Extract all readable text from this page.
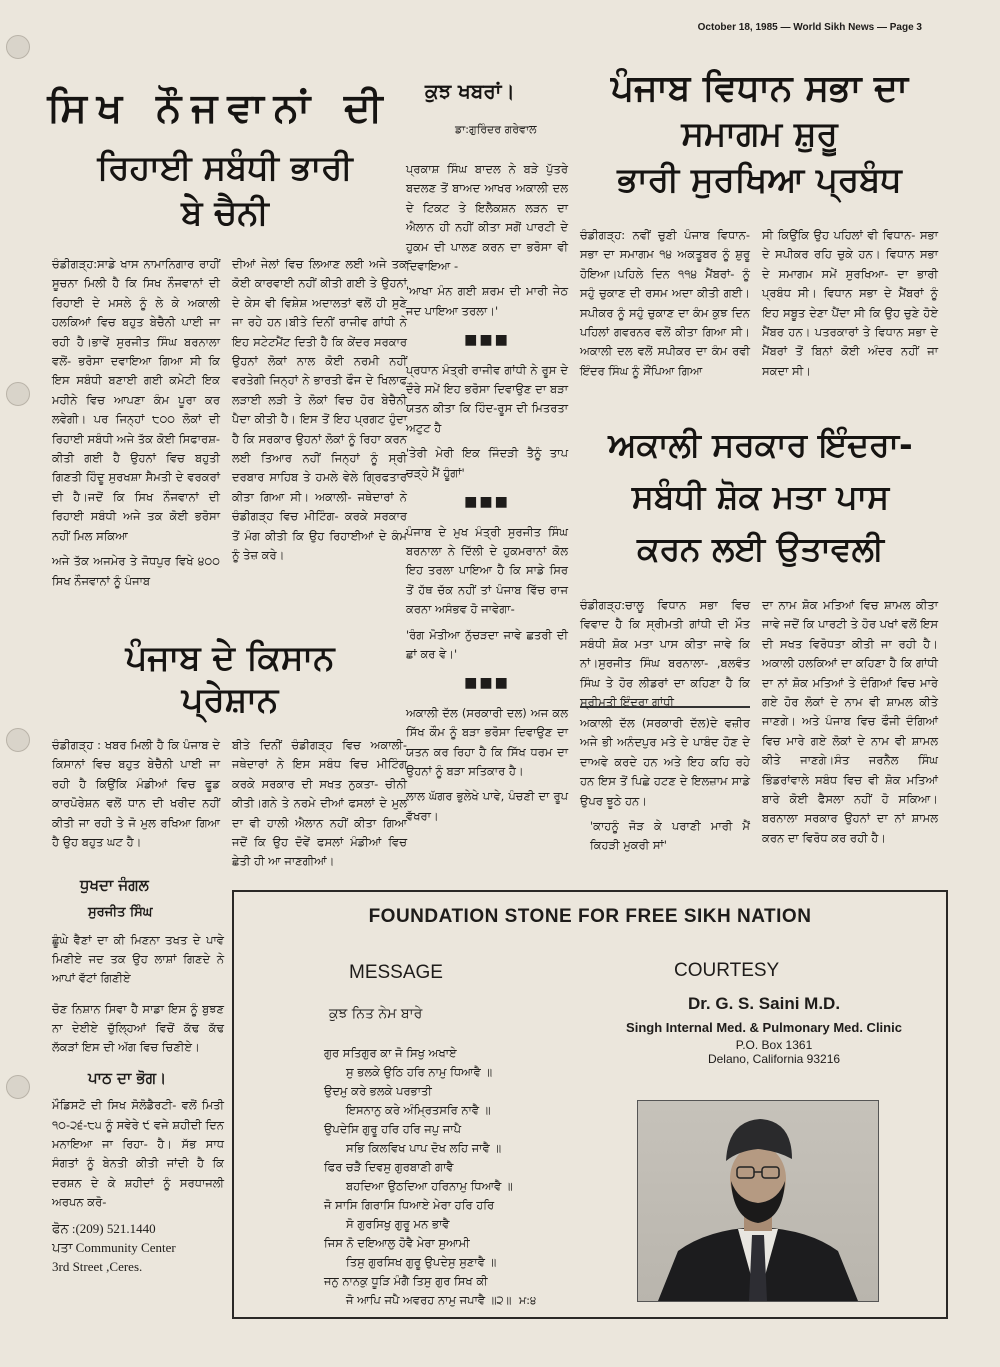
October 18, 1985 — World Sikh News — Page 3
ਸਿਖ ਨੌਜਵਾਨਾਂ ਦੀ
ਰਿਹਾਈ ਸਬੰਧੀ ਭਾਰੀ
ਬੇ ਚੈਨੀ

ਚੰਡੀਗੜ੍ਹ:ਸਾਡੇ ਖਾਸ ਨਾਮਾਨਿਗਾਰ ਰਾਹੀਂ ਸੂਚਨਾ ਮਿਲੀ ਹੈ ਕਿ ਸਿਖ ਨੌਜਵਾਨਾਂ ਦੀ ਰਿਹਾਈ ਦੇ ਮਸਲੇ ਨੂੰ ਲੇ ਕੇ ਅਕਾਲੀ ਹਲਕਿਆਂ ਵਿਚ ਬਹੁਤ ਬੇਚੈਨੀ ਪਾਈ ਜਾ ਰਹੀ ਹੈ।ਭਾਵੇਂ ਸੁਰਜੀਤ ਸਿੰਘ ਬਰਨਾਲਾ ਵਲੋਂ- ਭਰੋਸਾ ਦਵਾਇਆ ਗਿਆ ਸੀ ਕਿ ਇਸ ਸਬੰਧੀ ਬਣਾਈ ਗਈ ਕਮੇਟੀ ਇਕ ਮਹੀਨੇ ਵਿਚ ਆਪਣਾ ਕੰਮ ਪੂਰਾ ਕਰ ਲਵੇਗੀ। ਪਰ ਜਿਨ੍ਹਾਂ ੮੦੦ ਲੋਕਾਂ ਦੀ ਰਿਹਾਈ ਸਬੰਧੀ ਅਜੇ ਤੱਕ ਕੋਈ ਸਿਫਾਰਸ਼- ਕੀਤੀ ਗਈ ਹੈ ਉਹਨਾਂ ਵਿਚ ਬਹੁਤੀ ਗਿਣਤੀ ਹਿੰਦੂ ਸੁਰਖਸ਼ਾ ਸੈਮਤੀ ਦੇ ਵਰਕਰਾਂ ਦੀ ਹੈ।ਜਦੋਂ ਕਿ ਸਿਖ ਨੌਜਵਾਨਾਂ ਦੀ ਰਿਹਾਈ ਸਬੰਧੀ ਅਜੇ ਤਕ ਕੋਈ ਭਰੋਸਾ ਨਹੀਂ ਮਿਲ ਸਕਿਆ

ਅਜੇ ਤੱਕ ਅਜਮੇਰ ਤੇ ਜੋਧਪੁਰ ਵਿਖੇ ੪੦੦ ਸਿਖ ਨੌਜਵਾਨਾਂ ਨੂੰ ਪੰਜਾਬ

ਦੀਆਂ ਜੇਲਾਂ ਵਿਚ ਲਿਆਣ ਲਈ ਅਜੇ ਤਕ ਕੋਈ ਕਾਰਵਾਈ ਨਹੀਂ ਕੀਤੀ ਗਈ ਤੇ ਉਹਨਾਂ ਦੇ ਕੇਸ ਵੀ ਵਿਸ਼ੇਸ਼ ਅਦਾਲਤਾਂ ਵਲੋਂ ਹੀ ਸੁਣੇ ਜਾ ਰਹੇ ਹਨ।ਬੀਤੇ ਦਿਨੀਂ ਰਾਜੀਵ ਗਾਂਧੀ ਨੇ ਇਹ ਸਟੇਟਮੈਂਟ ਦਿਤੀ ਹੈ ਕਿ ਕੇਂਦਰ ਸਰਕਾਰ ਉਹਨਾਂ ਲੋਕਾਂ ਨਾਲ ਕੋਈ ਨਰਮੀ ਨਹੀਂ ਵਰਤੇਗੀ ਜਿਨ੍ਹਾਂ ਨੇ ਭਾਰਤੀ ਫੌਜ ਦੇ ਖਿਲਾਫ ਲੜਾਈ ਲੜੀ ਤੇ ਲੋਕਾਂ ਵਿਚ ਹੋਰ ਬੇਚੈਨੀ ਪੈਦਾ ਕੀਤੀ ਹੈ। ਇਸ ਤੋਂ ਇਹ ਪ੍ਰਗਟ ਹੁੰਦਾ ਹੈ ਕਿ ਸਰਕਾਰ ਉਹਨਾਂ ਲੋਕਾਂ ਨੂੰ ਰਿਹਾ ਕਰਨ ਲਈ ਤਿਆਰ ਨਹੀਂ ਜਿਨ੍ਹਾਂ ਨੂੰ ਸ੍ਰੀ ਦਰਬਾਰ ਸਾਹਿਬ ਤੇ ਹਮਲੇ ਵੇਲੇ ਗ੍ਰਿਫਤਾਰ ਕੀਤਾ ਗਿਆ ਸੀ। ਅਕਾਲੀ- ਜਥੇਦਾਰਾਂ ਨੇ ਚੰਡੀਗੜ੍ਹ ਵਿਚ ਮੀਟਿੰਗ- ਕਰਕੇ ਸਰਕਾਰ ਤੋਂ ਮੰਗ ਕੀਤੀ ਕਿ ਉਹ ਰਿਹਾਈਆਂ ਦੇ ਕੰਮ ਨੂੰ ਤੇਜ਼ ਕਰੇ।

ਪੰਜਾਬ ਦੇ ਕਿਸਾਨ
ਪ੍ਰੇਸ਼ਾਨ
ਚੰਡੀਗੜ੍ਹ : ਖਬਰ ਮਿਲੀ ਹੈ ਕਿ ਪੰਜਾਬ ਦੇ ਕਿਸਾਨਾਂ ਵਿਚ ਬਹੁਤ ਬੇਚੈਨੀ ਪਾਈ ਜਾ ਰਹੀ ਹੈ ਕਿਉਂਕਿ ਮੰਡੀਆਂ ਵਿਚ ਫੂਡ ਕਾਰਪੋਰੇਸ਼ਨ ਵਲੋਂ ਧਾਨ ਦੀ ਖਰੀਦ ਨਹੀਂ ਕੀਤੀ ਜਾ ਰਹੀ ਤੇ ਜੋ ਮੁਲ ਰਖਿਆ ਗਿਆ ਹੈ ਉਹ ਬਹੁਤ ਘਟ ਹੈ।
ਬੀਤੇ ਦਿਨੀਂ ਚੰਡੀਗੜ੍ਹ ਵਿਚ ਅਕਾਲੀ- ਜਥੇਦਾਰਾਂ ਨੇ ਇਸ ਸਬੰਧ ਵਿਚ ਮੀਟਿੰਗ ਕਰਕੇ ਸਰਕਾਰ ਦੀ ਸਖਤ ਨੁਕਤਾ- ਚੀਨੀ ਕੀਤੀ।ਗਨੇ ਤੇ ਨਰਮੇ ਦੀਆਂ ਫਸਲਾਂ ਦੇ ਮੁਲ ਦਾ ਵੀ ਹਾਲੀ ਐਲਾਨ ਨਹੀਂ ਕੀਤਾ ਗਿਆ ਜਦੋਂ ਕਿ ਉਹ ਦੋਵੇਂ ਫਸਲਾਂ ਮੰਡੀਆਂ ਵਿਚ ਛੇਤੀ ਹੀ ਆ ਜਾਣਗੀਆਂ।
ਧੁਖਦਾ ਜੰਗਲ
ਸੁਰਜੀਤ ਸਿੰਘ

ਛੂੰਘੇ ਵੈਣਾਂ ਦਾ ਕੀ ਮਿਣਨਾ ਤਖਤ ਦੇ ਪਾਵੇ ਮਿਣੀਏ ਜਦ ਤਕ ਉਹ ਲਾਸ਼ਾਂ ਗਿਣਦੇ ਨੇ ਆਪਾਂ ਵੱਟਾਂ ਗਿਣੀਏ

ਚੋਣ ਨਿਸ਼ਾਨ ਸਿਵਾ ਹੈ ਸਾਡਾ ਇਸ ਨੂੰ ਬੁਝਣ ਨਾ ਦੇਈਏ ਚੁੱਲ੍ਹਿਆਂ ਵਿਚੋਂ ਕੱਢ ਕੱਢ ਲੱਕੜਾਂ ਇਸ ਦੀ ਅੱਗ ਵਿਚ ਚਿਣੀਏ।

ਪਾਠ ਦਾ ਭੋਗ।
ਮੌਡਿਸਟੋ ਦੀ ਸਿਖ ਸੋਲੋਡੈਰਟੀ- ਵਲੋਂ ਮਿਤੀ ੧੦-੨੬-੮੫ ਨੂੰ ਸਵੇਰੇ ੯ ਵਜੇ ਸ਼ਹੀਦੀ ਦਿਨ ਮਨਾਇਆ ਜਾ ਰਿਹਾ- ਹੈ। ਸੱਭ ਸਾਧ ਸੰਗਤਾਂ ਨੂੰ ਬੇਨਤੀ ਕੀਤੀ ਜਾਂਦੀ ਹੈ ਕਿ ਦਰਸ਼ਨ ਦੇ ਕੇ ਸ਼ਹੀਦਾਂ ਨੂੰ ਸਰਧਾਜਲੀ ਅਰਪਨ ਕਰੋ-
ਫੋਨ :(209) 521.1440
ਪਤਾ Community Center
3rd Street ,Ceres.
ਕੁਝ ਖਬਰਾਂ।
ਡਾ:ਗੁਰਿੰਦਰ ਗਰੇਵਾਲ

ਪ੍ਰਕਾਸ਼ ਸਿੰਘ ਬਾਦਲ ਨੇ ਬੜੇ ਪੁੱਤਰੇ ਬਦਲਣ ਤੋਂ ਬਾਅਦ ਆਖਰ ਅਕਾਲੀ ਦਲ ਦੇ ਟਿਕਟ ਤੇ ਇਲੈਕਸ਼ਨ ਲੜਨ ਦਾ ਐਲਾਨ ਹੀ ਨਹੀਂ ਕੀਤਾ ਸਗੋਂ ਪਾਰਟੀ ਦੇ ਹੁਕਮ ਦੀ ਪਾਲਣ ਕਰਨ ਦਾ ਭਰੋਸਾ ਵੀ ਦਿਵਾਇਆ -

'ਆਖਾ ਮੰਨ ਗਈ ਸ਼ਰਮ ਦੀ ਮਾਰੀ ਜੇਠ ਜਦ ਪਾਇਆ ਤਰਲਾ।'
■■■

ਪ੍ਰਧਾਨ ਮੰਤ੍ਰੀ ਰਾਜੀਵ ਗਾਂਧੀ ਨੇ ਰੂਸ ਦੇ ਦੌਰੇ ਸਮੇਂ ਇਹ ਭਰੋਸਾ ਦਿਵਾਉਣ ਦਾ ਬੜਾ ਯਤਨ ਕੀਤਾ ਕਿ ਹਿੰਦ-ਰੂਸ ਦੀ ਮਿਤਰਤਾ ਅਟੁਟ ਹੈ

'ਤੇਰੀ ਮੇਰੀ ਇਕ ਜਿੰਦੜੀ ਤੈਨੂੰ ਤਾਪ ਚੜ੍ਹੇ ਮੈਂ ਹੂੰਗਾਂ'
■■■

ਪੰਜਾਬ ਦੇ ਮੁਖ ਮੰਤ੍ਰੀ ਸੁਰਜੀਤ ਸਿੰਘ ਬਰਨਾਲਾ ਨੇ ਦਿੱਲੀ ਦੇ ਹੁਕਮਰਾਨਾਂ ਕੋਲ ਇਹ ਤਰਲਾ ਪਾਇਆ ਹੈ ਕਿ ਸਾਡੇ ਸਿਰ ਤੋਂ ਹੱਥ ਚੱਕ ਨਹੀਂ ਤਾਂ ਪੰਜਾਬ ਵਿੱਚ ਰਾਜ ਕਰਨਾ ਅਸੰਭਵ ਹੋ ਜਾਵੇਗਾ-

'ਰੰਗ ਮੋਤੀਆ ਨੁੱਚੜਦਾ ਜਾਵੇ ਛਤਰੀ ਦੀ ਛਾਂ ਕਰ ਵੇ।'
■■■

ਅਕਾਲੀ ਦੱਲ (ਸਰਕਾਰੀ ਦਲ) ਅਜ ਕਲ ਸਿੱਖ ਕੌਮ ਨੂੰ ਬੜਾ ਭਰੋਸਾ ਦਿਵਾਉਣ ਦਾ ਯਤਨ ਕਰ ਰਿਹਾ ਹੈ ਕਿ ਸਿੱਖ ਧਰਮ ਦਾ ਉਹਨਾਂ ਨੂੰ ਬੜਾ ਸਤਿਕਾਰ ਹੈ।

ਲਾਲ ਘੱਗਰ ਭੁਲੇਖੇ ਪਾਵੇ, ਪੰਚਣੀ ਦਾ ਰੂਪ ਵੱਖਰਾ।
ਪੰਜਾਬ ਵਿਧਾਨ ਸਭਾ ਦਾ
ਸਮਾਗਮ ਸ਼ੁਰੂ
ਭਾਰੀ ਸੁਰਖਿਆ ਪ੍ਰਬੰਧ
ਚੰਡੀਗੜ੍ਹ: ਨਵੀਂ ਚੁਣੀ ਪੰਜਾਬ ਵਿਧਾਨ- ਸਭਾ ਦਾ ਸਮਾਗਮ ੧੪ ਅਕਤੂਬਰ ਨੂੰ ਸ਼ੁਰੂ ਹੋਇਆ।ਪਹਿਲੇ ਦਿਨ ੧੧੪ ਮੈਂਬਰਾਂ- ਨੂੰ ਸਹੁੰ ਚੁਕਾਣ ਦੀ ਰਸਮ ਅਦਾ ਕੀਤੀ ਗਈ। ਸਪੀਕਰ ਨੂੰ ਸਹੁੰ ਚੁਕਾਣ ਦਾ ਕੰਮ ਕੁਝ ਦਿਨ ਪਹਿਲਾਂ ਗਵਰਨਰ ਵਲੋਂ ਕੀਤਾ ਗਿਆ ਸੀ। ਅਕਾਲੀ ਦਲ ਵਲੋਂ ਸਪੀਕਰ ਦਾ ਕੰਮ ਰਵੀ ਇੰਦਰ ਸਿੰਘ ਨੂੰ ਸੌਂਪਿਆ ਗਿਆ
ਸੀ ਕਿਉਂਕਿ ਉਹ ਪਹਿਲਾਂ ਵੀ ਵਿਧਾਨ- ਸਭਾ ਦੇ ਸਪੀਕਰ ਰਹਿ ਚੁਕੇ ਹਨ। ਵਿਧਾਨ ਸਭਾ ਦੇ ਸਮਾਗਮ ਸਮੇਂ ਸੁਰਖਿਆ- ਦਾ ਭਾਰੀ ਪ੍ਰਬੰਧ ਸੀ। ਵਿਧਾਨ ਸਭਾ ਦੇ ਮੈਂਬਰਾਂ ਨੂੰ ਇਹ ਸਬੂਤ ਦੇਣਾ ਪੈਂਦਾ ਸੀ ਕਿ ਉਹ ਚੁਣੇ ਹੋਏ ਮੈਂਬਰ ਹਨ। ਪਤਰਕਾਰਾਂ ਤੇ ਵਿਧਾਨ ਸਭਾ ਦੇ ਮੈਂਬਰਾਂ ਤੋਂ ਬਿਨਾਂ ਕੋਈ ਅੰਦਰ ਨਹੀਂ ਜਾ ਸਕਦਾ ਸੀ।
ਅਕਾਲੀ ਸਰਕਾਰ ਇੰਦਰਾ-
ਸਬੰਧੀ ਸ਼ੋਕ ਮਤਾ ਪਾਸ
ਕਰਨ ਲਈ ਉਤਾਵਲੀ

ਚੰਡੀਗੜ੍ਹ:ਚਾਲੂ ਵਿਧਾਨ ਸਭਾ ਵਿਚ ਵਿਵਾਦ ਹੈ ਕਿ ਸ੍ਰੀਮਤੀ ਗਾਂਧੀ ਦੀ ਮੌਤ ਸਬੰਧੀ ਸ਼ੋਕ ਮਤਾ ਪਾਸ ਕੀਤਾ ਜਾਵੇ ਕਿ ਨਾਂ।ਸੁਰਜੀਤ ਸਿੰਘ ਬਰਨਾਲਾ- ,ਬਲਵੰਤ ਸਿੰਘ ਤੇ ਹੋਰ ਲੀਡਰਾਂ ਦਾ ਕਹਿਣਾ ਹੈ ਕਿ ਸ੍ਰੀਮਤੀ ਇੰਦਰਾ ਗਾਂਧੀ

ਅਕਾਲੀ ਦੱਲ (ਸਰਕਾਰੀ ਦੱਲ)ਦੇ ਵਜ਼ੀਰ ਅਜੇ ਭੀ ਅਨੰਦਪੁਰ ਮਤੇ ਦੇ ਪਾਬੰਦ ਹੋਣ ਦੇ ਦਾਅਵੇ ਕਰਦੇ ਹਨ ਅਤੇ ਇਹ ਕਹਿ ਰਹੇ ਹਨ ਇਸ ਤੋਂ ਪਿਛੇ ਹਟਣ ਦੇ ਇਲਜ਼ਾਮ ਸਾਡੇ ਉਪਰ ਝੂਠੇ ਹਨ।

'ਕਾਹਨੂੰ ਜੋੜ ਕੇ ਪਰਾਣੀ ਮਾਰੀ ਮੈਂ ਕਿਹੜੀ ਮੁਕਰੀ ਸਾਂ'
ਦਾ ਨਾਮ ਸ਼ੋਕ ਮਤਿਆਂ ਵਿਚ ਸ਼ਾਮਲ ਕੀਤਾ ਜਾਵੇ ਜਦੋਂ ਕਿ ਪਾਰਟੀ ਤੇ ਹੋਰ ਪਖਾਂ ਵਲੋਂ ਇਸ ਦੀ ਸਖਤ ਵਿਰੋਧਤਾ ਕੀਤੀ ਜਾ ਰਹੀ ਹੈ। ਅਕਾਲੀ ਹਲਕਿਆਂ ਦਾ ਕਹਿਣਾ ਹੈ ਕਿ ਗਾਂਧੀ ਦਾ ਨਾਂ ਸ਼ੋਕ ਮਤਿਆਂ ਤੇ ਦੰਗਿਆਂ ਵਿਚ ਮਾਰੇ ਗਏ ਹੋਰ ਲੋਕਾਂ ਦੇ ਨਾਮ ਵੀ ਸ਼ਾਮਲ ਕੀਤੇ ਜਾਣਗੇ। ਅਤੇ ਪੰਜਾਬ ਵਿਚ ਫੌਜੀ ਦੰਗਿਆਂ ਵਿਚ ਮਾਰੇ ਗਏ ਲੋਕਾਂ ਦੇ ਨਾਮ ਵੀ ਸ਼ਾਮਲ ਕੀਤੇ ਜਾਣਗੇ।ਸੰਤ ਜਰਨੈਲ ਸਿੰਘ ਭਿੰਡਰਾਂਵਾਲੇ ਸਬੰਧ ਵਿਚ ਵੀ ਸ਼ੋਕ ਮਤਿਆਂ ਬਾਰੇ ਕੋਈ ਫੈਸਲਾ ਨਹੀਂ ਹੋ ਸਕਿਆ। ਬਰਨਾਲਾ ਸਰਕਾਰ ਉਹਨਾਂ ਦਾ ਨਾਂ ਸ਼ਾਮਲ ਕਰਨ ਦਾ ਵਿਰੋਧ ਕਰ ਰਹੀ ਹੈ।
FOUNDATION STONE FOR FREE SIKH NATION
MESSAGE	COURTESY
Dr. G. S. Saini M.D.
Singh Internal Med. & Pulmonary Med. Clinic
P.O. Box 1361
Delano, California 93216
ਕੁਝ ਨਿਤ ਨੇਮ ਬਾਰੇ
ਗੁਰ ਸਤਿਗੁਰ ਕਾ ਜੋ ਸਿਖੁ ਅਖਾਏ
ਸੁ ਭਲਕੇ ਉਠਿ ਹਰਿ ਨਾਮੁ ਧਿਆਵੈ ॥
ਉਦਮੁ ਕਰੇ ਭਲਕੇ ਪਰਭਾਤੀ
ਇਸਨਾਨੁ ਕਰੇ ਅੰਮ੍ਰਿਤਸਰਿ ਨਾਵੈ ॥
ਉਪਦੇਸਿ ਗੁਰੂ ਹਰਿ ਹਰਿ ਜਪੁ ਜਾਪੈ
ਸਭਿ ਕਿਲਵਿਖ ਪਾਪ ਦੋਖ ਲਹਿ ਜਾਵੈ ॥
ਫਿਰ ਚੜੈ ਦਿਵਸੁ ਗੁਰਬਾਣੀ ਗਾਵੈ
ਬਹਦਿਆ ਉਠਦਿਆ ਹਰਿਨਾਮੁ ਧਿਆਵੈ ॥
ਜੋ ਸਾਸਿ ਗਿਰਾਸਿ ਧਿਆਏ ਮੇਰਾ ਹਰਿ ਹਰਿ
ਸੋ ਗੁਰਸਿਖੁ ਗੁਰੂ ਮਨ ਭਾਵੈ
ਜਿਸ ਨੋ ਦਇਆਲੁ ਹੋਵੈ ਮੇਰਾ ਸੁਆਮੀ
ਤਿਸੁ ਗੁਰਸਿਖ ਗੁਰੂ ਉਪਦੇਸੁ ਸੁਣਾਵੈ ॥
ਜਨੁ ਨਾਨਕੁ ਧੂੜਿ ਮੰਗੈ ਤਿਸੁ ਗੁਰ ਸਿਖ ਕੀ
ਜੋ ਆਪਿ ਜਪੈ ਅਵਰਹ ਨਾਮੁ ਜਪਾਵੈ ॥੨॥ ਮ:੪
